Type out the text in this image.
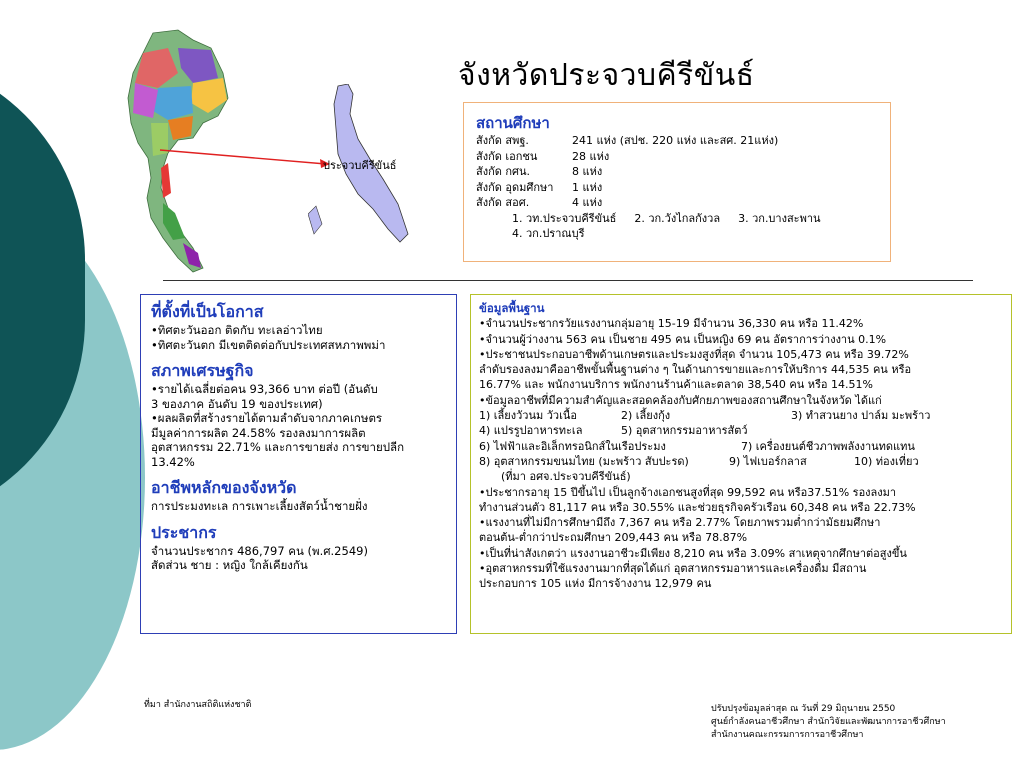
ประจวบคีรีขันธ์
จังหวัดประจวบคีรีขันธ์
สถานศึกษา
สังกัด สพฐ.	241 แห่ง (สปช. 220 แห่ง และสศ. 21แห่ง)
สังกัด เอกชน	28 แห่ง
สังกัด กศน.	8 แห่ง
สังกัด อุดมศึกษา 1 แห่ง
สังกัด สอศ.	4 แห่ง
1. วท.ประจวบคีรีขันธ์ 2. วก.วังไกลกังวล 3. วก.บางสะพาน
4. วก.ปราณบุรี
ที่ตั้งที่เป็นโอกาส
•ทิศตะวันออก ติดกับ ทะเลอ่าวไทย
•ทิศตะวันตก มีเขตติดต่อกับประเทศสหภาพพม่า
สภาพเศรษฐกิจ
•รายได้เฉลี่ยต่อคน 93,366 บาท ต่อปี (อันดับ
3 ของภาค อันดับ 19 ของประเทศ)
•ผลผลิตที่สร้างรายได้ตามลำดับจากภาคเกษตร
มีมูลค่าการผลิต 24.58% รองลงมาการผลิต
อุตสาหกรรม 22.71% และการขายส่ง การขายปลีก
13.42%
อาชีพหลักของจังหวัด
การประมงทะเล การเพาะเลี้ยงสัตว์น้ำชายฝั่ง
ประชากร
จำนวนประชากร 486,797 คน (พ.ศ.2549)
สัดส่วน ชาย : หญิง ใกล้เคียงกัน
ข้อมูลพื้นฐาน
•จำนวนประชากรวัยแรงงานกลุ่มอายุ 15-19 มีจำนวน 36,330 คน หรือ 11.42%
•จำนวนผู้ว่างงาน 563 คน เป็นชาย 495 คน เป็นหญิง 69 คน อัตราการว่างงาน 0.1%
•ประชาชนประกอบอาชีพด้านเกษตรและประมงสูงที่สุด จำนวน 105,473 คน หรือ 39.72%
ลำดับรองลงมาคืออาชีพขั้นพื้นฐานต่าง ๆ ในด้านการขายและการให้บริการ 44,535 คน หรือ
16.77% และ พนักงานบริการ พนักงานร้านค้าและตลาด 38,540 คน หรือ 14.51%
•ข้อมูลอาชีพที่มีความสำคัญและสอดคล้องกับศักยภาพของสถานศึกษาในจังหวัด ได้แก่
1) เลี้ยงวัวนม วัวเนื้อ	2) เลี้ยงกุ้ง	3) ทำสวนยาง ปาล์ม มะพร้าว
4) แปรรูปอาหารทะเล	5) อุตสาหกรรมอาหารสัตว์
6) ไฟฟ้าและอิเล็กทรอนิกส์ในเรือประมง	7) เครื่องยนต์ชีวภาพพลังงานทดแทน
8) อุตสาหกรรมขนมไทย (มะพร้าว สับปะรด)	9) ไฟเบอร์กลาส	10) ท่องเที่ยว
(ที่มา อศจ.ประจวบคีรีขันธ์)
•ประชากรอายุ 15 ปีขึ้นไป เป็นลูกจ้างเอกชนสูงที่สุด 99,592 คน หรือ37.51% รองลงมา
ทำงานส่วนตัว 81,117 คน หรือ 30.55% และช่วยธุรกิจครัวเรือน 60,348 คน หรือ 22.73%
•แรงงานที่ไม่มีการศึกษามีถึง 7,367 คน หรือ 2.77% โดยภาพรวมต่ำกว่ามัธยมศึกษา
ตอนต้น-ต่ำกว่าประถมศึกษา 209,443 คน หรือ 78.87%
•เป็นที่น่าสังเกตว่า แรงงานอาชีวะมีเพียง 8,210 คน หรือ 3.09% สาเหตุจากศึกษาต่อสูงขึ้น
•อุตสาหกรรมที่ใช้แรงงานมากที่สุดได้แก่ อุตสาหกรรมอาหารและเครื่องดื่ม มีสถาน
ประกอบการ 105 แห่ง มีการจ้างงาน 12,979 คน
ที่มา สำนักงานสถิติแห่งชาติ	ปรับปรุงข้อมูลล่าสุด ณ วันที่ 29 มิถุนายน 2550
ศูนย์กำลังคนอาชีวศึกษา สำนักวิจัยและพัฒนาการอาชีวศึกษา
สำนักงานคณะกรรมการการอาชีวศึกษา
